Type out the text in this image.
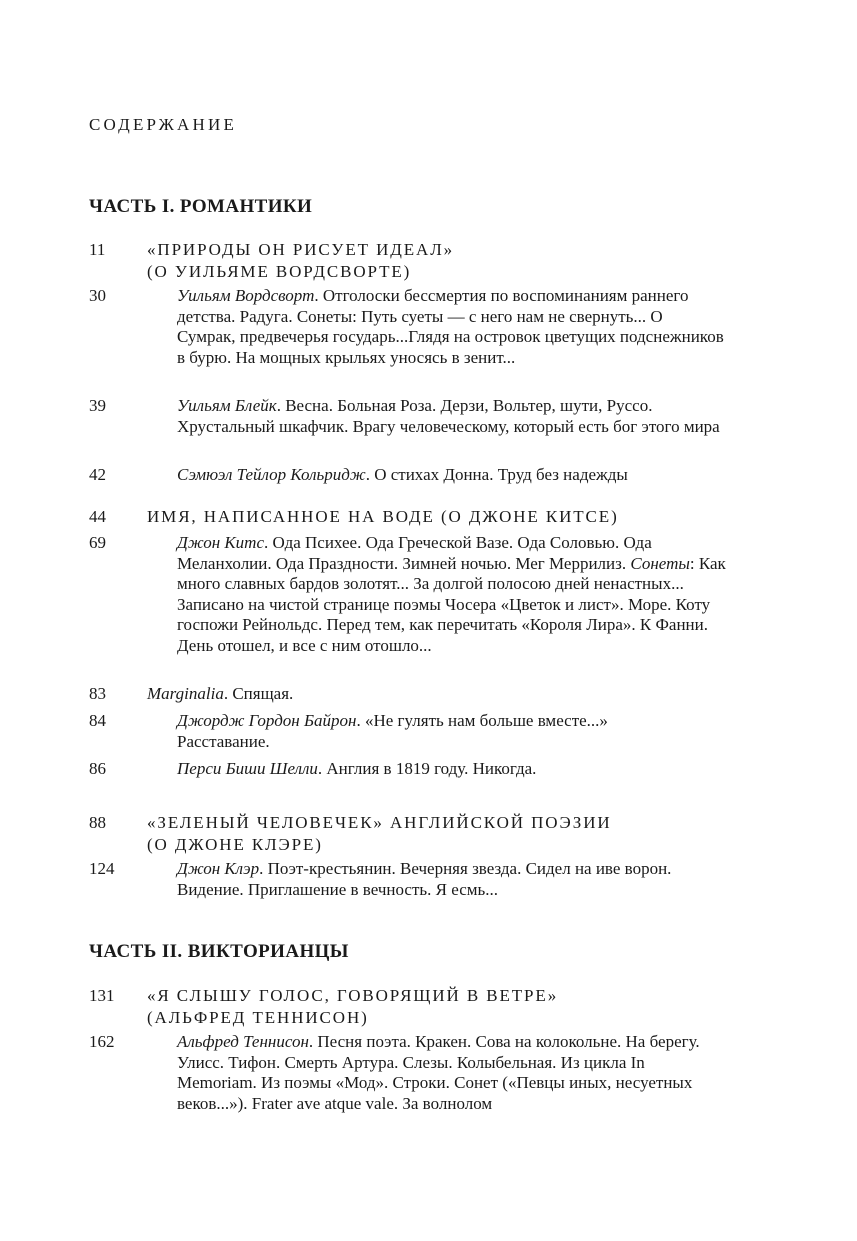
СОДЕРЖАНИЕ
ЧАСТЬ I. РОМАНТИКИ
11 «ПРИРОДЫ ОН РИСУЕТ ИДЕАЛ»
(О УИЛЬЯМЕ ВОРДСВОРТЕ)
30	Уильям Вордсворт. Отголоски бессмертия по воспоминаниям раннего детства. Радуга. Сонеты: Путь суеты — с него нам не свернуть... О Сумрак, предвечерья государь...Глядя на островок цветущих подснежников в бурю. На мощных крыльях уносясь в зенит...
39	Уильям Блейк. Весна. Больная Роза. Дерзи, Вольтер, шути, Руссо. Хрустальный шкафчик. Врагу человеческому, который есть бог этого мира
42	Сэмюэл Тейлор Кольридж. О стихах Донна. Труд без надежды
44 ИМЯ, НАПИСАННОЕ НА ВОДЕ (О ДЖОНЕ КИТСЕ)
69	Джон Китс. Ода Психее. Ода Греческой Вазе. Ода Соловью. Ода Меланхолии. Ода Праздности. Зимней ночью. Мег Меррилиз. Сонеты: Как много славных бардов золотят... За долгой полосою дней ненастных... Записано на чистой странице поэмы Чосера «Цветок и лист». Море. Коту госпожи Рейнольдс. Перед тем, как перечитать «Короля Лира». К Фанни. День отошел, и все с ним отошло...
83 Marginalia. Спящая.
84	Джордж Гордон Байрон. «Не гулять нам больше вместе...» Расставание.
86	Перси Биши Шелли. Англия в 1819 году. Никогда.
88 «ЗЕЛЕНЫЙ ЧЕЛОВЕЧЕК» АНГЛИЙСКОЙ ПОЭЗИИ
(О ДЖОНЕ КЛЭРЕ)
124	Джон Клэр. Поэт-крестьянин. Вечерняя звезда. Сидел на иве ворон. Видение. Приглашение в вечность. Я есмь...
ЧАСТЬ II. ВИКТОРИАНЦЫ
131 «Я СЛЫШУ ГОЛОС, ГОВОРЯЩИЙ В ВЕТРЕ»
(АЛЬФРЕД ТЕННИСОН)
162	Альфред Теннисон. Песня поэта. Кракен. Сова на колокольне. На берегу. Улисс. Тифон. Смерть Артура. Слезы. Колыбельная. Из цикла In Memoriam. Из поэмы «Мод». Строки. Сонет («Певцы иных, несуетных веков...»). Frater ave atque vale. За волнолом
